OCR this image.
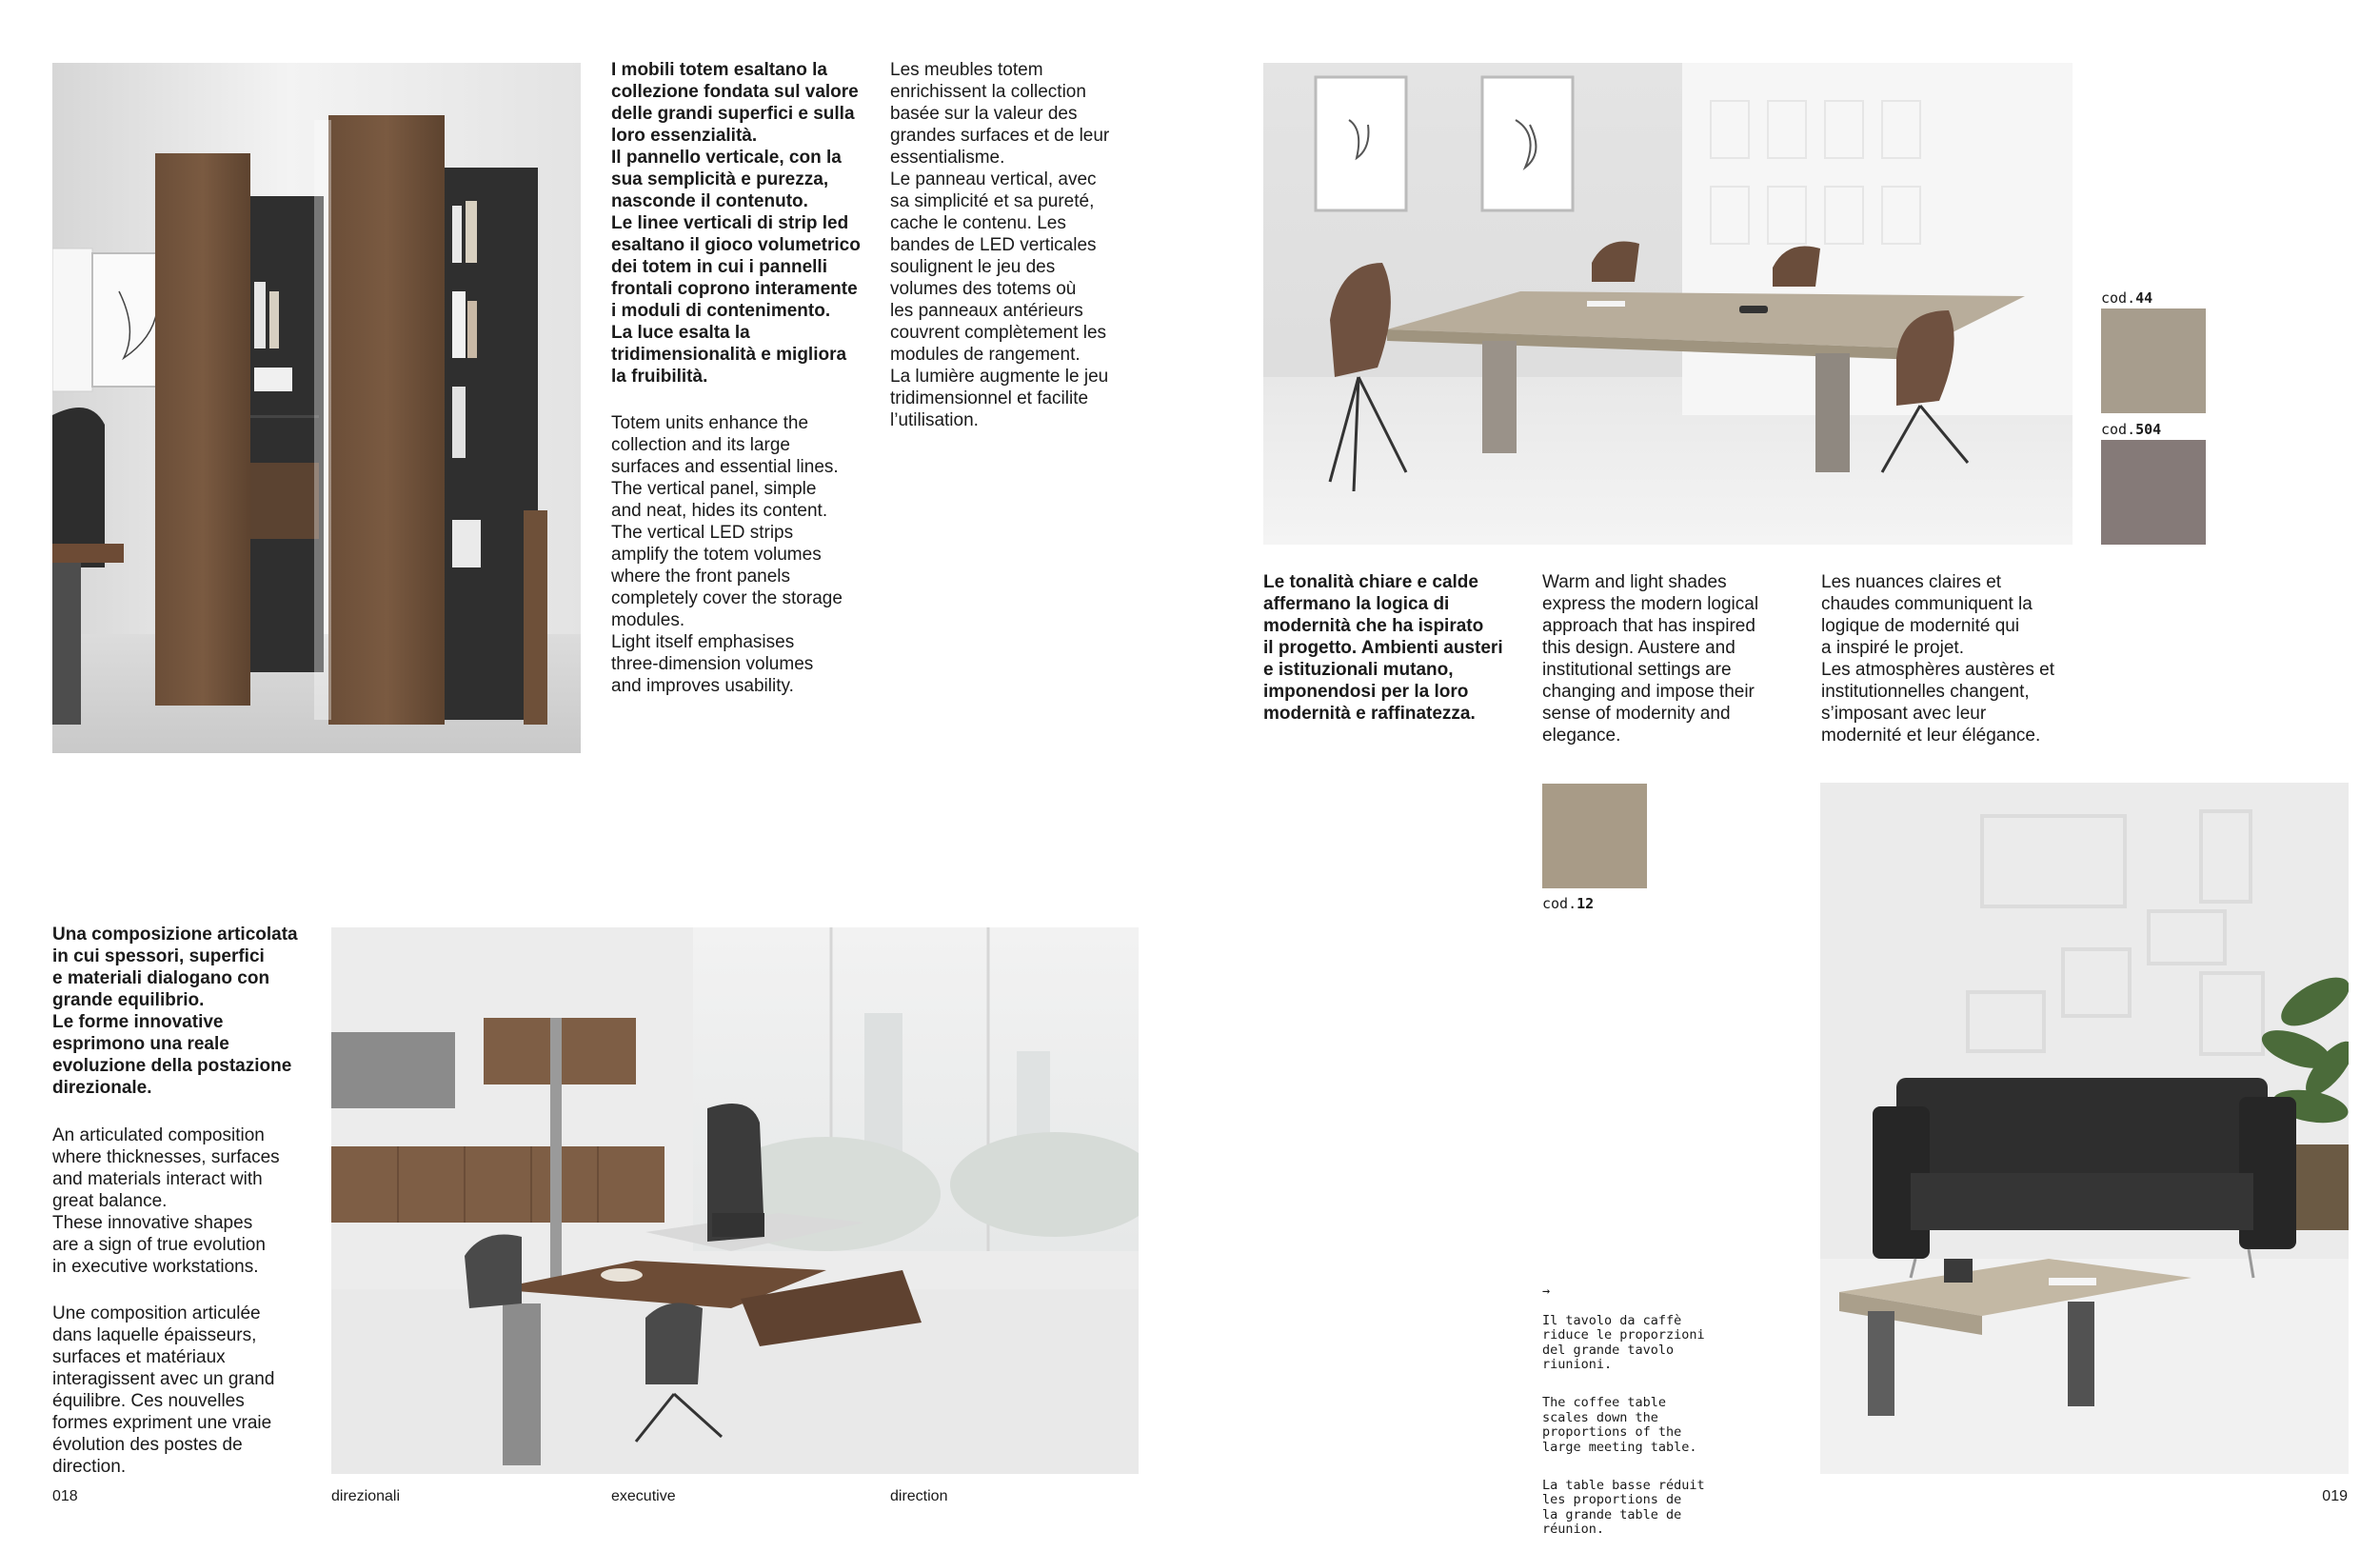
I mobili totem esaltano la
collezione fondata sul valore
delle grandi superfici e sulla
loro essenzialità.
Il pannello verticale, con la
sua semplicità e purezza,
nasconde il contenuto.
Le linee verticali di strip led
esaltano il gioco volumetrico
dei totem in cui i pannelli
frontali coprono interamente
i moduli di contenimento.
La luce esalta la
tridimensionalità e migliora
la fruibilità.
Totem units enhance the
collection and its large
surfaces and essential lines.
The vertical panel, simple
and neat, hides its content.
The vertical LED strips
amplify the totem volumes
where the front panels
completely cover the storage
modules.
Light itself emphasises
three-dimension volumes
and improves usability.
Les meubles totem
enrichissent la collection
basée sur la valeur des
grandes surfaces et de leur
essentialisme.
Le panneau vertical, avec
sa simplicité et sa pureté,
cache le contenu. Les
bandes de LED verticales
soulignent le jeu des
volumes des totems où
les panneaux antérieurs
couvrent complètement les
modules de rangement.
La lumière augmente le jeu
tridimensionnel et facilite
l’utilisation.
cod.44
cod.504
Le tonalità chiare e calde
affermano la logica di
modernità che ha ispirato
il progetto. Ambienti austeri
e istituzionali mutano,
imponendosi per la loro
modernità e raffinatezza.
Warm and light shades
express the modern logical
approach that has inspired
this design. Austere and
institutional settings are
changing and impose their
sense of modernity and
elegance.
Les nuances claires et
chaudes communiquent la
logique de modernité qui
a inspiré le projet.
Les atmosphères austères et
institutionnelles changent,
s’imposant avec leur
modernité et leur élégance.
cod.12
Una composizione articolata
in cui spessori, superfici
e materiali dialogano con
grande equilibrio.
Le forme innovative
esprimono una reale
evoluzione della postazione
direzionale.
An articulated composition
where thicknesses, surfaces
and materials interact with
great balance.
These innovative shapes
are a sign of true evolution
in executive workstations.
Une composition articulée
dans laquelle épaisseurs,
surfaces et matériaux
interagissent avec un grand
équilibre. Ces nouvelles
formes expriment une vraie
évolution des postes de
direction.

→

Il tavolo da caffè
riduce le proporzioni
del grande tavolo
riunioni.

The coffee table
scales down the
proportions of the
large meeting table.

La table basse réduit
les proportions de
la grande table de
réunion.

018	direzionali	executive	direction	019
